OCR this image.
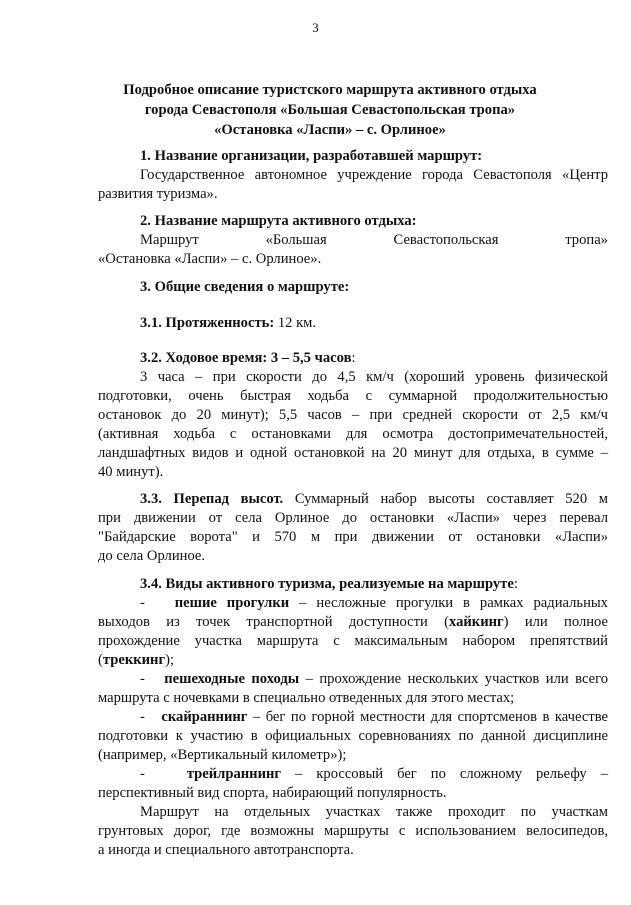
3
Подробное описание туристского маршрута активного отдыха
города Севастополя «Большая Севастопольская тропа»
«Остановка «Ласпи» – с. Орлиное»

1. Название организации, разработавшей маршрут:

Государственное автономное учреждение города Севастополя «Центр

развития туризма».

2. Название маршрута активного отдыха:

Маршрут	«Большая	Севастопольская	тропа»

«Остановка «Ласпи» – с. Орлиное».

3. Общие сведения о маршруте:

3.1. Протяженность: 12 км.

3.2. Ходовое время: 3 – 5,5 часов:

3 часа – при скорости до 4,5 км/ч (хороший уровень физической

подготовки, очень быстрая ходьба с суммарной продолжительностью

остановок до 20 минут); 5,5 часов – при средней скорости от 2,5 км/ч

(активная ходьба с остановками для осмотра достопримечательностей,

ландшафтных видов и одной остановкой на 20 минут для отдыха, в сумме –

40 минут).

3.3. Перепад высот. Суммарный набор высоты составляет 520 м

при движении от села Орлиное до остановки «Ласпи» через перевал

"Байдарские ворота" и 570 м при движении от остановки «Ласпи»

до села Орлиное.

3.4. Виды активного туризма, реализуемые на маршруте:

- пешие прогулки – несложные прогулки в рамках радиальных

выходов из точек транспортной доступности (хайкинг) или полное

прохождение участка маршрута с максимальным набором препятствий

(треккинг);

- пешеходные походы – прохождение нескольких участков или всего

маршрута с ночевками в специально отведенных для этого местах;

- скайраннинг – бег по горной местности для спортсменов в качестве

подготовки к участию в официальных соревнованиях по данной дисциплине

(например, «Вертикальный километр»);

-	трейлраннинг – кроссовый бег по сложному рельефу –

перспективный вид спорта, набирающий популярность.

Маршрут на отдельных участках также проходит по участкам

грунтовых дорог, где возможны маршруты с использованием велосипедов,

а иногда и специального автотранспорта.
